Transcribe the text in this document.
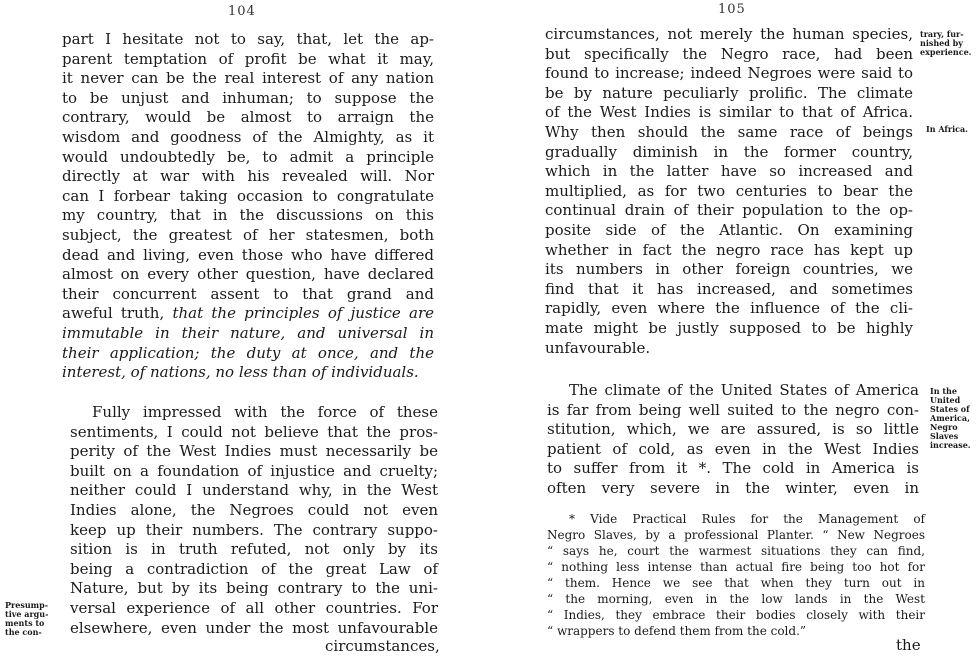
104
part I hesitate not to say, that, let the ap-
parent temptation of profit be what it may,
it never can be the real interest of any nation
to be unjust and inhuman; to suppose the
contrary, would be almost to arraign the
wisdom and goodness of the Almighty, as it
would undoubtedly be, to admit a principle
directly at war with his revealed will. Nor
can I forbear taking occasion to congratulate
my country, that in the discussions on this
subject, the greatest of her statesmen, both
dead and living, even those who have differed
almost on every other question, have declared
their concurrent assent to that grand and
aweful truth, that the principles of justice are
immutable in their nature, and universal in
their application; the duty at once, and the
interest, of nations, no less than of individuals.
Fully impressed with the force of these
sentiments, I could not believe that the pros-
perity of the West Indies must necessarily be
built on a foundation of injustice and cruelty;
neither could I understand why, in the West
Indies alone, the Negroes could not even
keep up their numbers. The contrary suppo-
sition is in truth refuted, not only by its
being a contradiction of the great Law of
Nature, but by its being contrary to the uni-
versal experience of all other countries. For
elsewhere, even under the most unfavourable
circumstances,
Presump-
tive argu-
ments to
the con-
105
circumstances, not merely the human species,
but specifically the Negro race, had been
found to increase; indeed Negroes were said to
be by nature peculiarly prolific. The climate
of the West Indies is similar to that of Africa.
Why then should the same race of beings
gradually diminish in the former country,
which in the latter have so increased and
multiplied, as for two centuries to bear the
continual drain of their population to the op-
posite side of the Atlantic. On examining
whether in fact the negro race has kept up
its numbers in other foreign countries, we
find that it has increased, and sometimes
rapidly, even where the influence of the cli-
mate might be justly supposed to be highly
unfavourable.
The climate of the United States of America
is far from being well suited to the negro con-
stitution, which, we are assured, is so little
patient of cold, as even in the West Indies
to suffer from it *. The cold in America is
often very severe in the winter, even in
* Vide Practical Rules for the Management of
Negro Slaves, by a professional Planter. “ New Negroes
“ says he, court the warmest situations they can find,
“ nothing less intense than actual fire being too hot for
“ them. Hence we see that when they turn out in
“ the morning, even in the low lands in the West
“ Indies, they embrace their bodies closely with their
“ wrappers to defend them from the cold.”
the
trary, fur-
nished by
experience.
In Africa.
In the
United
States of
America,
Negro
Slaves
increase.
